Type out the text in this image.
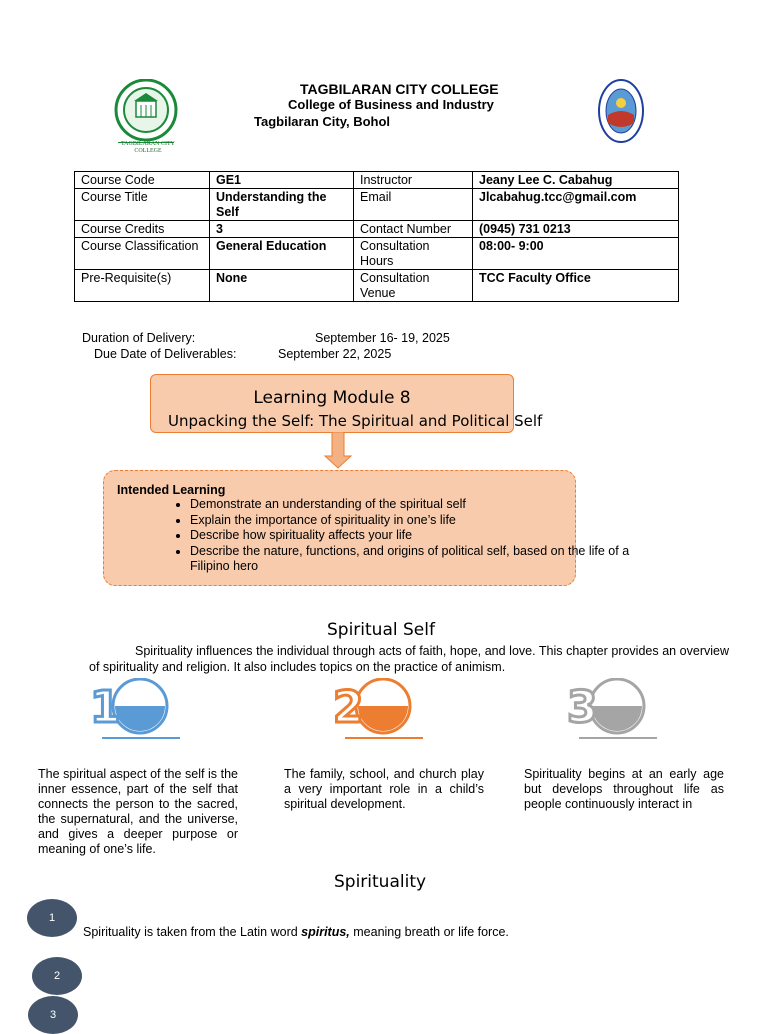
TAGBILARAN CITY COLLEGE
TAGBILARAN CITY COLLEGE
College of Business and Industry
Tagbilaran City, Bohol
Course Code	GE1	Instructor	Jeany Lee C. Cabahug
Course Title	Understanding the Self	Email	Jlcabahug.tcc@gmail.com
Course Credits	3	Contact Number	(0945) 731 0213
Course Classification	General Education	Consultation Hours	08:00- 9:00
Pre-Requisite(s)	None	Consultation Venue	TCC Faculty Office
Duration of Delivery:	September 16- 19, 2025
Due Date of Deliverables:	September 22, 2025
Learning Module 8
Unpacking the Self: The Spiritual and Political Self
Intended Learning
• Demonstrate an understanding of the spiritual self
• Explain the importance of spirituality in one’s life
• Describe how spirituality affects your life
• Describe the nature, functions, and origins of political self, based on the life of a Filipino hero
Spiritual Self
Spirituality influences the individual through acts of faith, hope, and love. This chapter provides an overview of spirituality and religion. It also includes topics on the practice of animism.
1	2	3
The spiritual aspect of the self is the inner essence, part of the self that connects the person to the sacred, the supernatural, and the universe, and gives a deeper purpose or meaning of one’s life.
The family, school, and church play a very important role in a child’s spiritual development.
Spirituality begins at an early age but develops throughout life as people continuously interact in
Spirituality
1
Spirituality is taken from the Latin word spiritus, meaning breath or life force.
2
3
